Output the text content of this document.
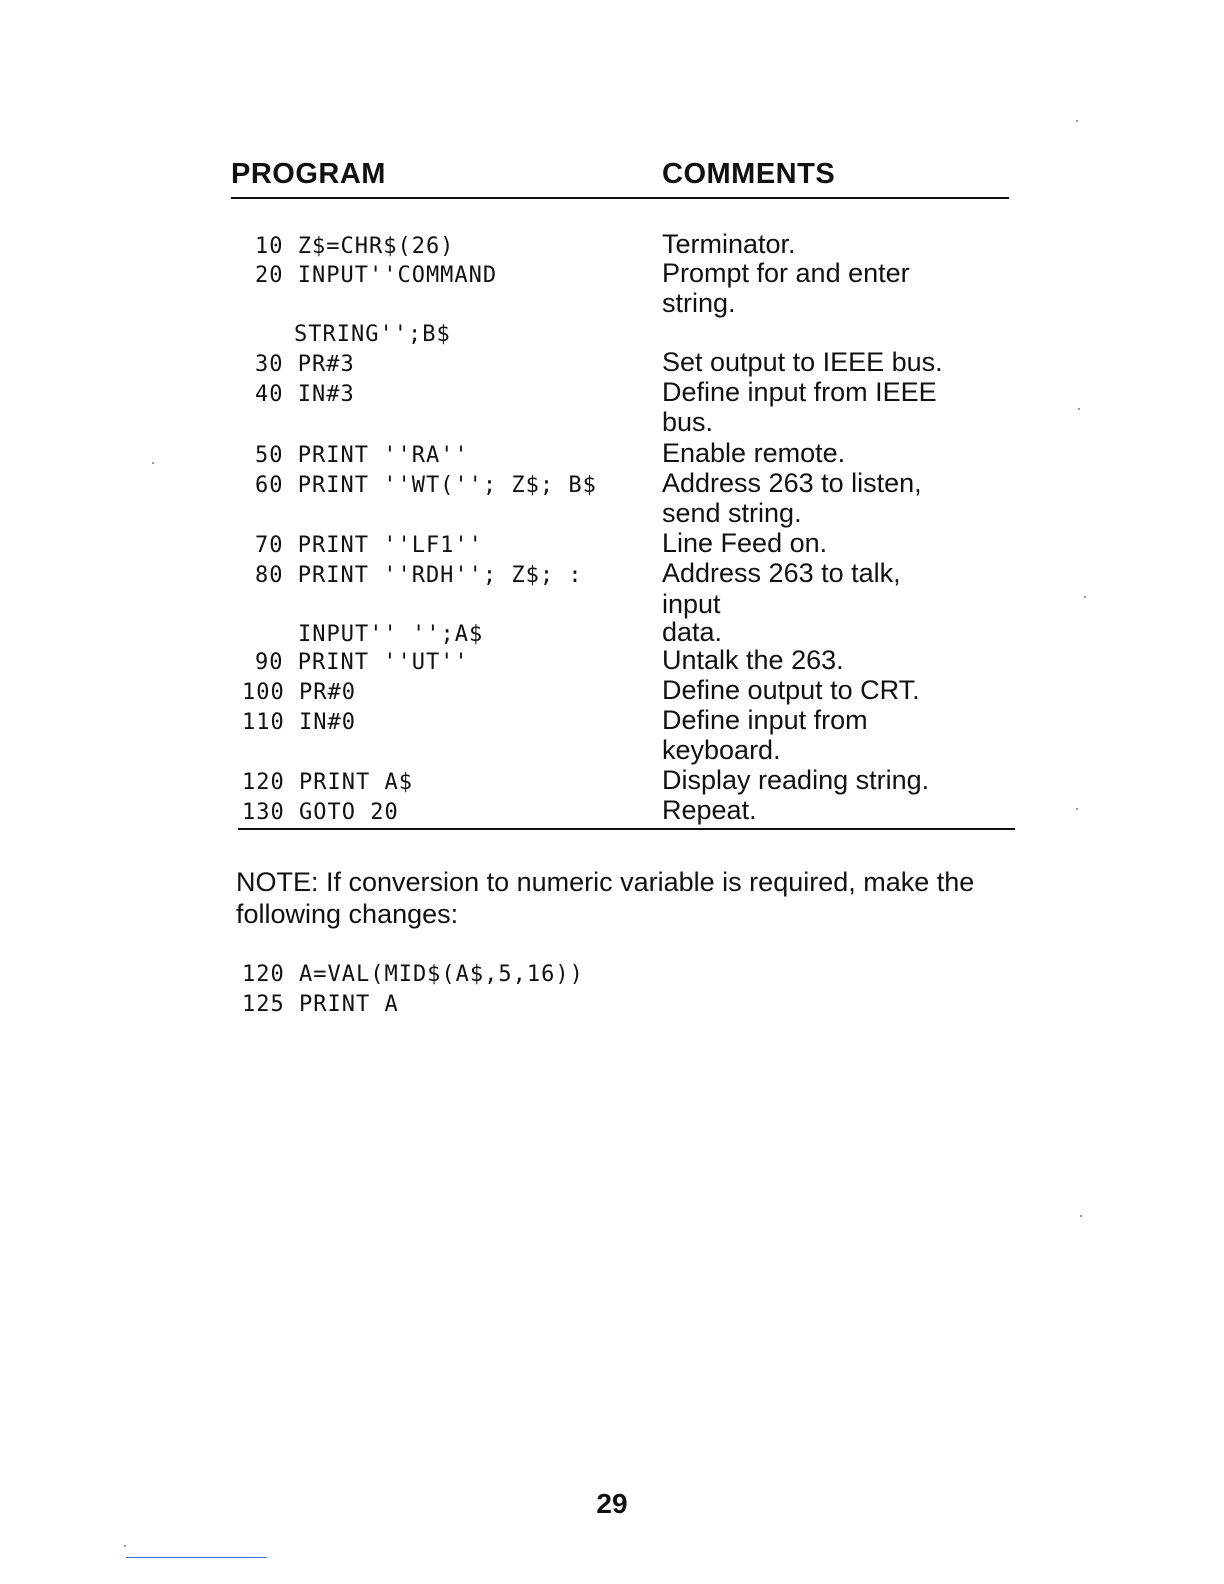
PROGRAM	COMMENTS
10 Z$=CHR$(26)
20 INPUT''COMMAND
STRING'';B$
30 PR#3
40 IN#3
50 PRINT ''RA''
60 PRINT ''WT(''; Z$; B$
70 PRINT ''LF1''
80 PRINT ''RDH''; Z$; :
INPUT'' '';A$
90 PRINT ''UT''
100 PR#0
110 IN#0
120 PRINT A$
130 GOTO 20
Terminator.
Prompt for and enter
string.
Set output to IEEE bus.
Define input from IEEE
bus.
Enable remote.
Address 263 to listen,
send string.
Line Feed on.
Address 263 to talk,
input
data.
Untalk the 263.
Define output to CRT.
Define input from
keyboard.
Display reading string.
Repeat.
NOTE: If conversion to numeric variable is required, make the following changes:
120 A=VAL(MID$(A$,5,16))
125 PRINT A
29
